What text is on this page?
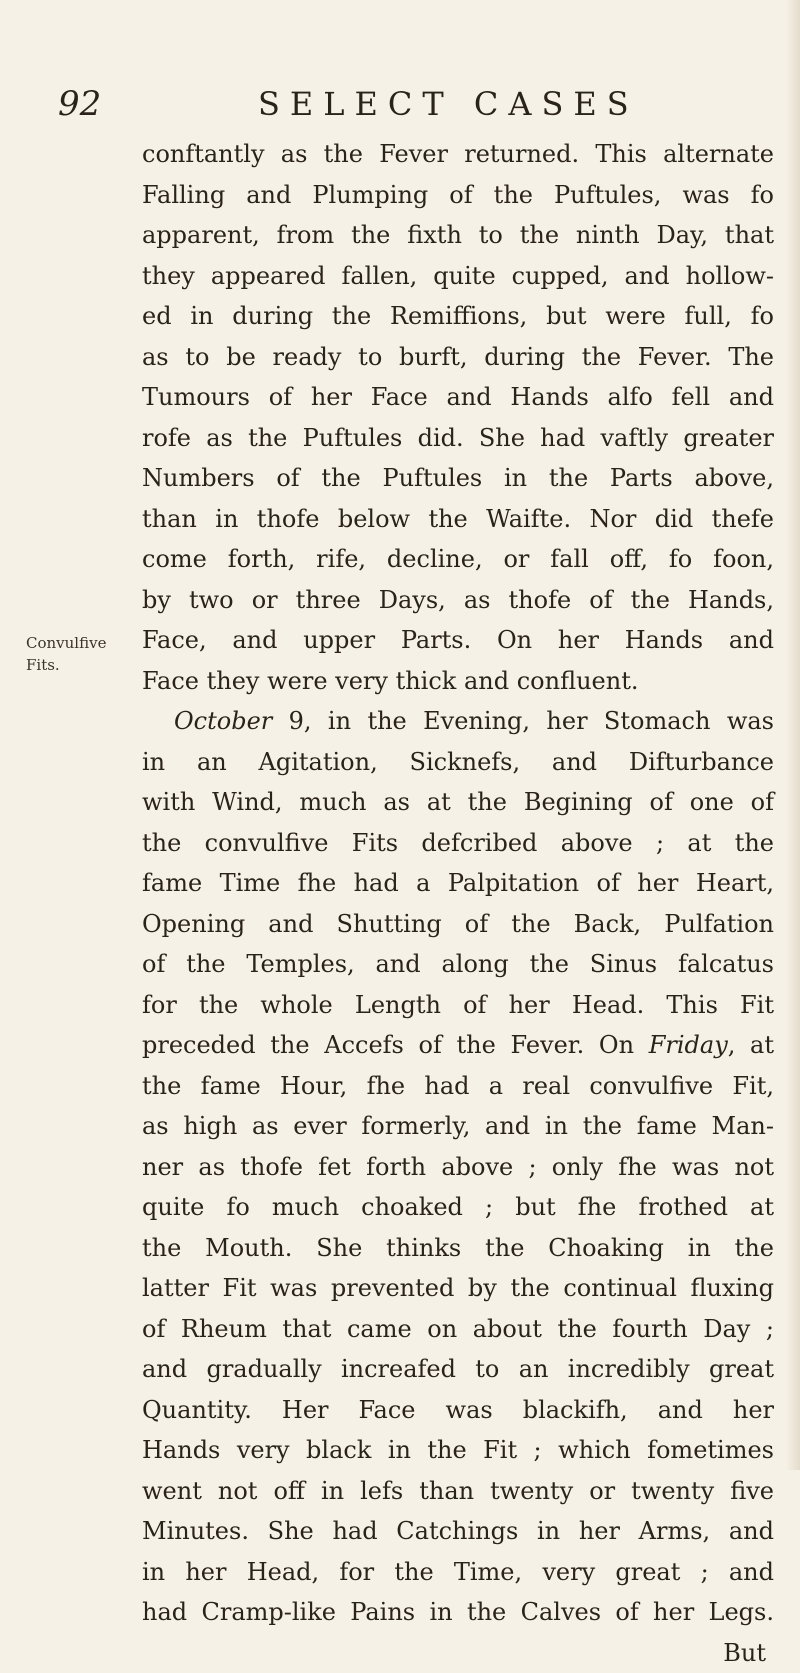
92	SELECT CASES
Convulfive
Fits.
conftantly as the Fever returned. This alternate
Falling and Plumping of the Puftules, was fo
apparent, from the fixth to the ninth Day, that
they appeared fallen, quite cupped, and hollow-
ed in during the Remiffions, but were full, fo
as to be ready to burft, during the Fever. The
Tumours of her Face and Hands alfo fell and
rofe as the Puftules did. She had vaftly greater
Numbers of the Puftules in the Parts above,
than in thofe below the Waifte. Nor did thefe
come forth, rife, decline, or fall off, fo foon,
by two or three Days, as thofe of the Hands,
Face, and upper Parts. On her Hands and
Face they were very thick and confluent.
October 9, in the Evening, her Stomach was
in an Agitation, Sicknefs, and Difturbance
with Wind, much as at the Begining of one of
the convulfive Fits defcribed above ; at the
fame Time fhe had a Palpitation of her Heart,
Opening and Shutting of the Back, Pulfation
of the Temples, and along the Sinus falcatus
for the whole Length of her Head. This Fit
preceded the Accefs of the Fever. On Friday, at
the fame Hour, fhe had a real convulfive Fit,
as high as ever formerly, and in the fame Man-
ner as thofe fet forth above ; only fhe was not
quite fo much choaked ; but fhe frothed at
the Mouth. She thinks the Choaking in the
latter Fit was prevented by the continual fluxing
of Rheum that came on about the fourth Day ;
and gradually increafed to an incredibly great
Quantity. Her Face was blackifh, and her
Hands very black in the Fit ; which fometimes
went not off in lefs than twenty or twenty five
Minutes. She had Catchings in her Arms, and
in her Head, for the Time, very great ; and
had Cramp-like Pains in the Calves of her Legs.
But
